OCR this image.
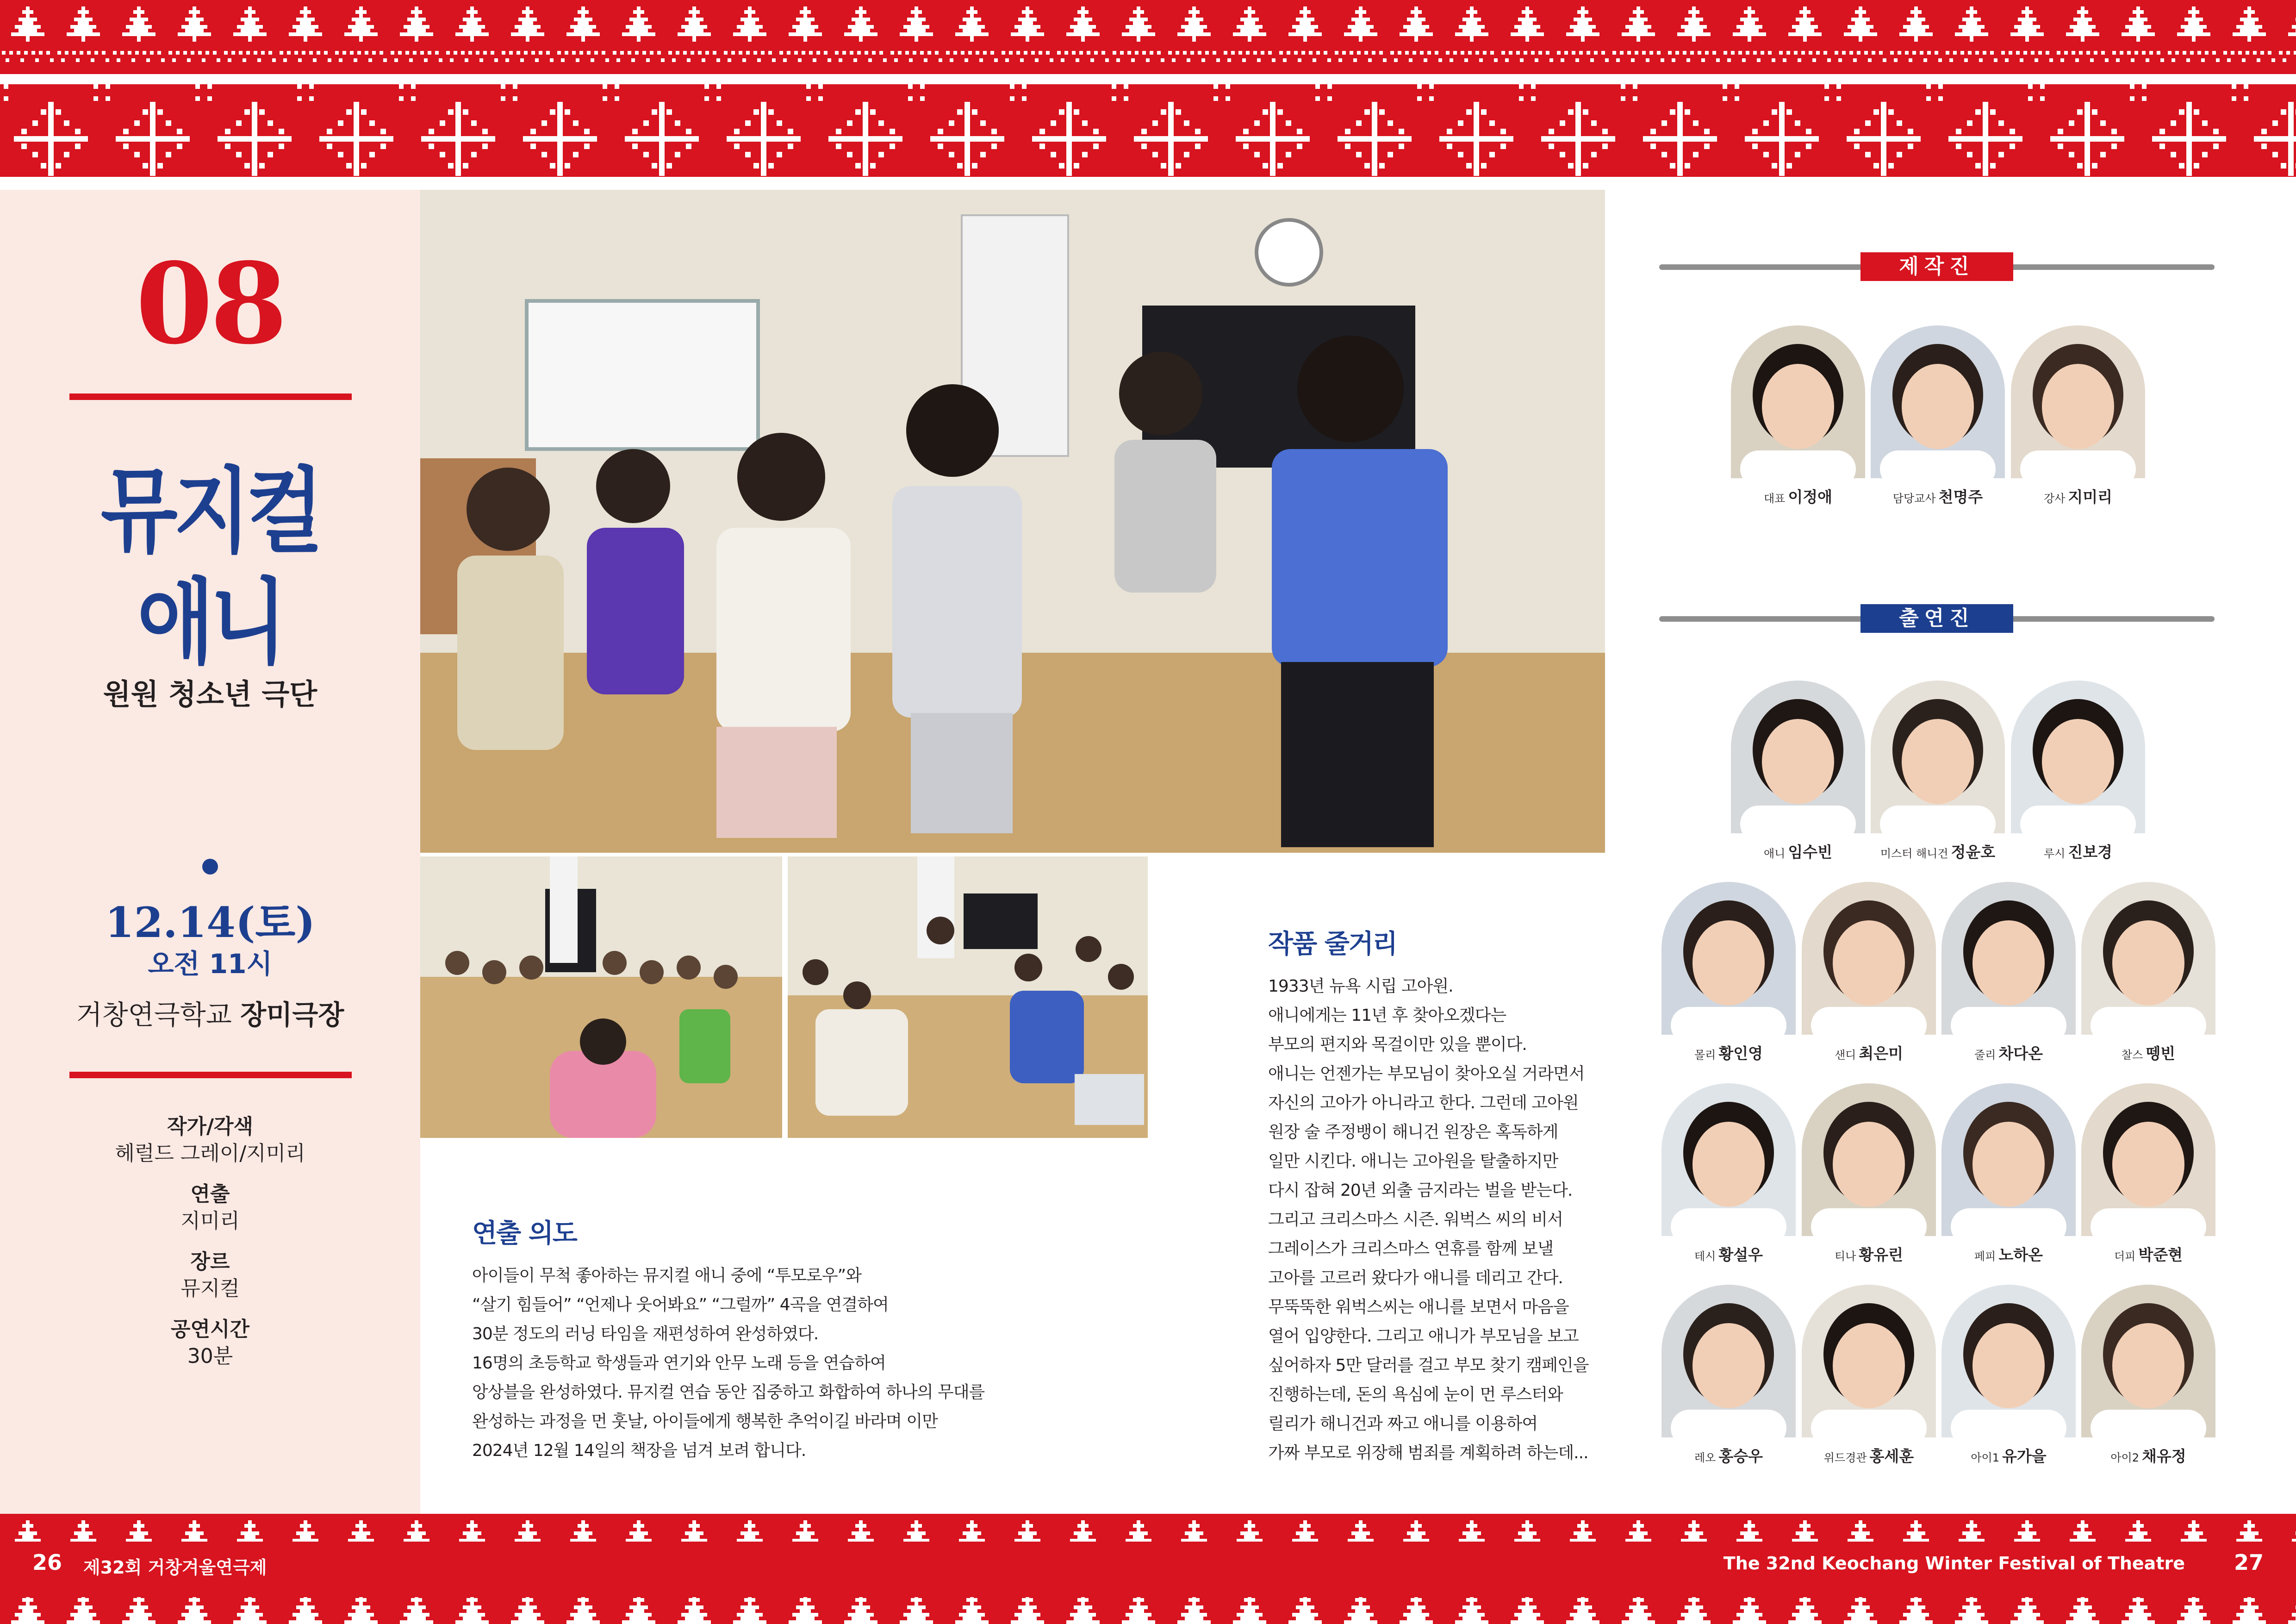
08
뮤지컬
애니
원원 청소년 극단
12.14(토)
오전 11시
거창연극학교 장미극장
작가/각색
헤럴드 그레이/지미리
연출
지미리
장르
뮤지컬
공연시간
30분
연출 의도

아이들이 무척 좋아하는 뮤지컬 애니 중에 “투모로우”와

“살기 힘들어” “언제나 웃어봐요” “그럴까” 4곡을 연결하여

30분 정도의 러닝 타임을 재편성하여 완성하였다.

16명의 초등학교 학생들과 연기와 안무 노래 등을 연습하여

앙상블을 완성하였다. 뮤지컬 연습 동안 집중하고 화합하여 하나의 무대를

완성하는 과정을 먼 훗날, 아이들에게 행복한 추억이길 바라며 이만

2024년 12월 14일의 책장을 넘겨 보려 합니다.

작품 줄거리

1933년 뉴욕 시립 고아원.

애니에게는 11년 후 찾아오겠다는

부모의 편지와 목걸이만 있을 뿐이다.

애니는 언젠가는 부모님이 찾아오실 거라면서

자신의 고아가 아니라고 한다. 그런데 고아원

원장 술 주정뱅이 해니건 원장은 혹독하게

일만 시킨다. 애니는 고아원을 탈출하지만

다시 잡혀 20년 외출 금지라는 벌을 받는다.

그리고 크리스마스 시즌. 워벅스 씨의 비서

그레이스가 크리스마스 연휴를 함께 보낼

고아를 고르러 왔다가 애니를 데리고 간다.

무뚝뚝한 워벅스씨는 애니를 보면서 마음을

열어 입양한다. 그리고 애니가 부모님을 보고

싶어하자 5만 달러를 걸고 부모 찾기 캠페인을

진행하는데, 돈의 욕심에 눈이 먼 루스터와

릴리가 해니건과 짜고 애니를 이용하여

가짜 부모로 위장해 범죄를 계획하려 하는데...

제작진
출연진
대표 이정애	담당교사 천명주	강사 지미리
애니 임수빈	미스터 해니건 정윤호	루시 진보경
몰리 황인영	샌디 최은미	줄리 차다온	찰스 뗑빈
테시 황설우	티나 황유린	페피 노하온	더피 박준현
레오 홍승우	위드경관 홍세훈	아이1 유가을	아이2 채유정
26 제32회 거창겨울연극제	The 32nd Keochang Winter Festival of Theatre 27
